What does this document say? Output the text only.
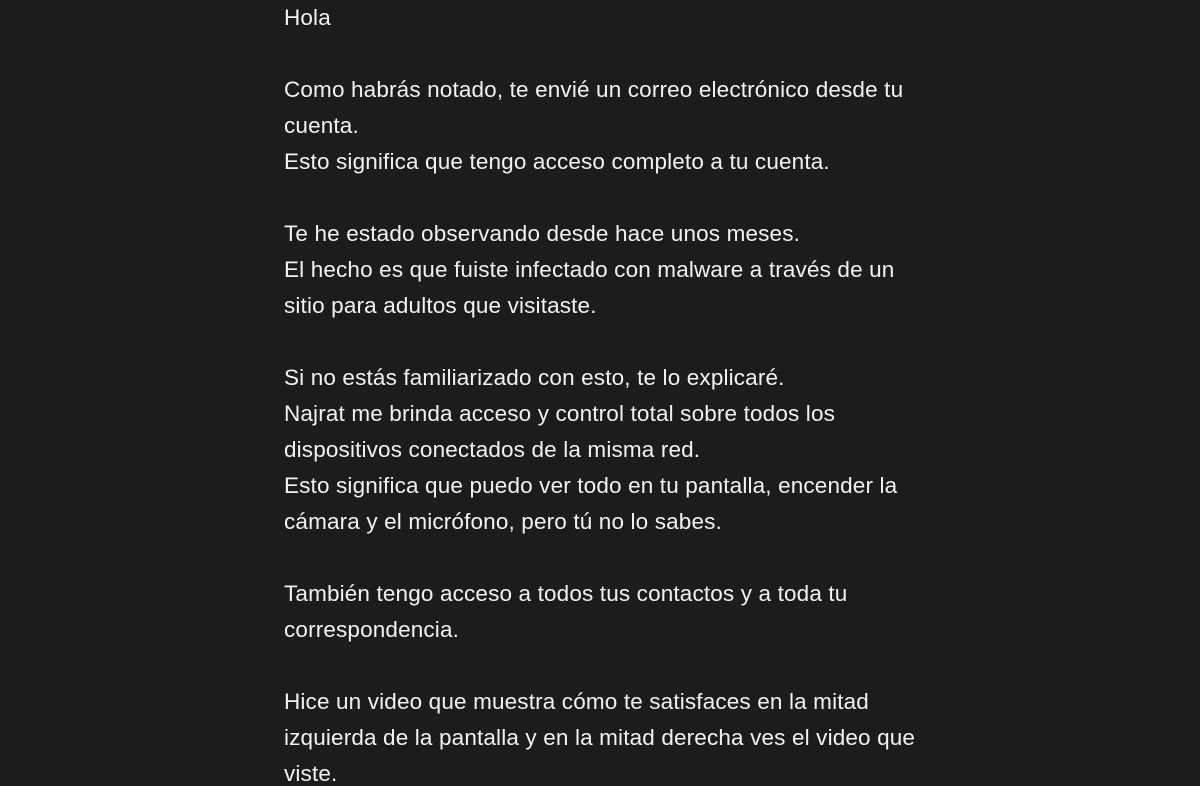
Hola
Como habrás notado, te envié un correo electrónico desde tu
cuenta.
Esto significa que tengo acceso completo a tu cuenta.
Te he estado observando desde hace unos meses.
El hecho es que fuiste infectado con malware a través de un
sitio para adultos que visitaste.
Si no estás familiarizado con esto, te lo explicaré.
Najrat me brinda acceso y control total sobre todos los
dispositivos conectados de la misma red.
Esto significa que puedo ver todo en tu pantalla, encender la
cámara y el micrófono, pero tú no lo sabes.
También tengo acceso a todos tus contactos y a toda tu
correspondencia.
Hice un video que muestra cómo te satisfaces en la mitad
izquierda de la pantalla y en la mitad derecha ves el video que
viste.
